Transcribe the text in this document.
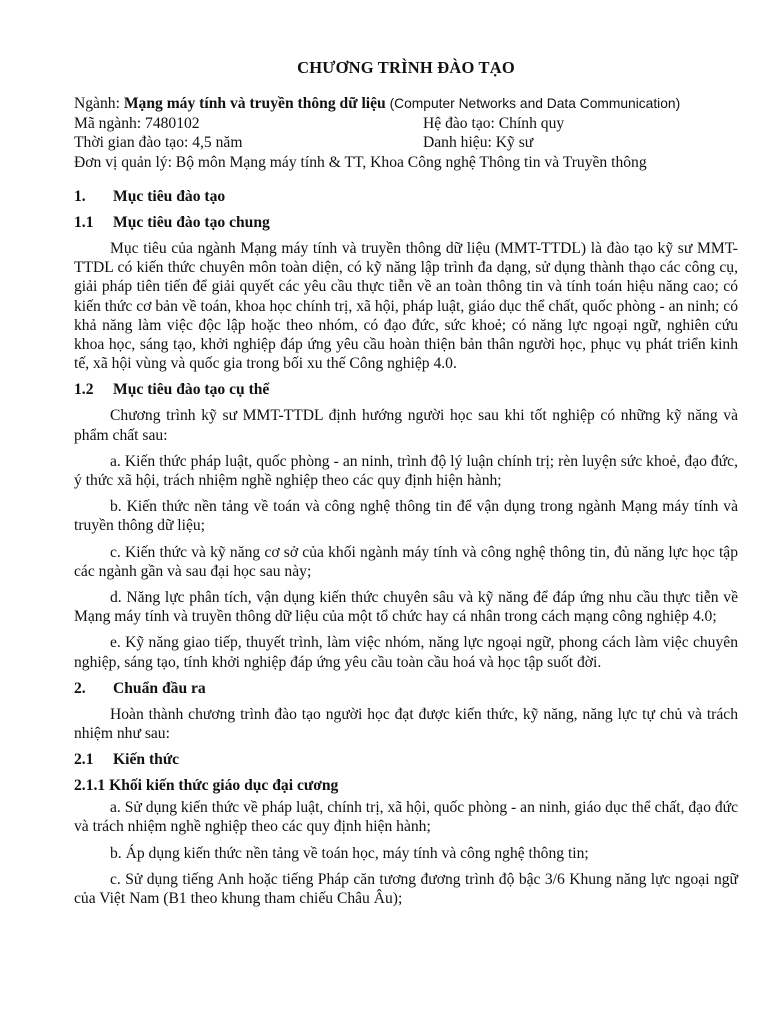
CHƯƠNG TRÌNH ĐÀO TẠO
Ngành: Mạng máy tính và truyền thông dữ liệu (Computer Networks and Data Communication)
Mã ngành: 7480102	Hệ đào tạo: Chính quy
Thời gian đào tạo: 4,5 năm	Danh hiệu: Kỹ sư
Đơn vị quản lý: Bộ môn Mạng máy tính & TT, Khoa Công nghệ Thông tin và Truyền thông
1.	Mục tiêu đào tạo
1.1	Mục tiêu đào tạo chung

Mục tiêu của ngành Mạng máy tính và truyền thông dữ liệu (MMT-TTDL) là đào tạo kỹ sư MMT-TTDL có kiến thức chuyên môn toàn diện, có kỹ năng lập trình đa dạng, sử dụng thành thạo các công cụ, giải pháp tiên tiến để giải quyết các yêu cầu thực tiễn về an toàn thông tin và tính toán hiệu năng cao; có kiến thức cơ bản về toán, khoa học chính trị, xã hội, pháp luật, giáo dục thể chất, quốc phòng - an ninh; có khả năng làm việc độc lập hoặc theo nhóm, có đạo đức, sức khoẻ; có năng lực ngoại ngữ, nghiên cứu khoa học, sáng tạo, khởi nghiệp đáp ứng yêu cầu hoàn thiện bản thân người học, phục vụ phát triển kinh tế, xã hội vùng và quốc gia trong bối xu thế Công nghiệp 4.0.

1.2	Mục tiêu đào tạo cụ thể

Chương trình kỹ sư MMT-TTDL định hướng người học sau khi tốt nghiệp có những kỹ năng và phẩm chất sau:

a. Kiến thức pháp luật, quốc phòng - an ninh, trình độ lý luận chính trị; rèn luyện sức khoẻ, đạo đức, ý thức xã hội, trách nhiệm nghề nghiệp theo các quy định hiện hành;

b. Kiến thức nền tảng về toán và công nghệ thông tin để vận dụng trong ngành Mạng máy tính và truyền thông dữ liệu;

c. Kiến thức và kỹ năng cơ sở của khối ngành máy tính và công nghệ thông tin, đủ năng lực học tập các ngành gần và sau đại học sau này;

d. Năng lực phân tích, vận dụng kiến thức chuyên sâu và kỹ năng để đáp ứng nhu cầu thực tiễn về Mạng máy tính và truyền thông dữ liệu của một tổ chức hay cá nhân trong cách mạng công nghiệp 4.0;

e. Kỹ năng giao tiếp, thuyết trình, làm việc nhóm, năng lực ngoại ngữ, phong cách làm việc chuyên nghiệp, sáng tạo, tính khởi nghiệp đáp ứng yêu cầu toàn cầu hoá và học tập suốt đời.

2.	Chuẩn đầu ra

Hoàn thành chương trình đào tạo người học đạt được kiến thức, kỹ năng, năng lực tự chủ và trách nhiệm như sau:

2.1	Kiến thức
2.1.1 Khối kiến thức giáo dục đại cương

a. Sử dụng kiến thức về pháp luật, chính trị, xã hội, quốc phòng - an ninh, giáo dục thể chất, đạo đức và trách nhiệm nghề nghiệp theo các quy định hiện hành;

b. Áp dụng kiến thức nền tảng về toán học, máy tính và công nghệ thông tin;

c. Sử dụng tiếng Anh hoặc tiếng Pháp căn tương đương trình độ bậc 3/6 Khung năng lực ngoại ngữ của Việt Nam (B1 theo khung tham chiếu Châu Âu);
